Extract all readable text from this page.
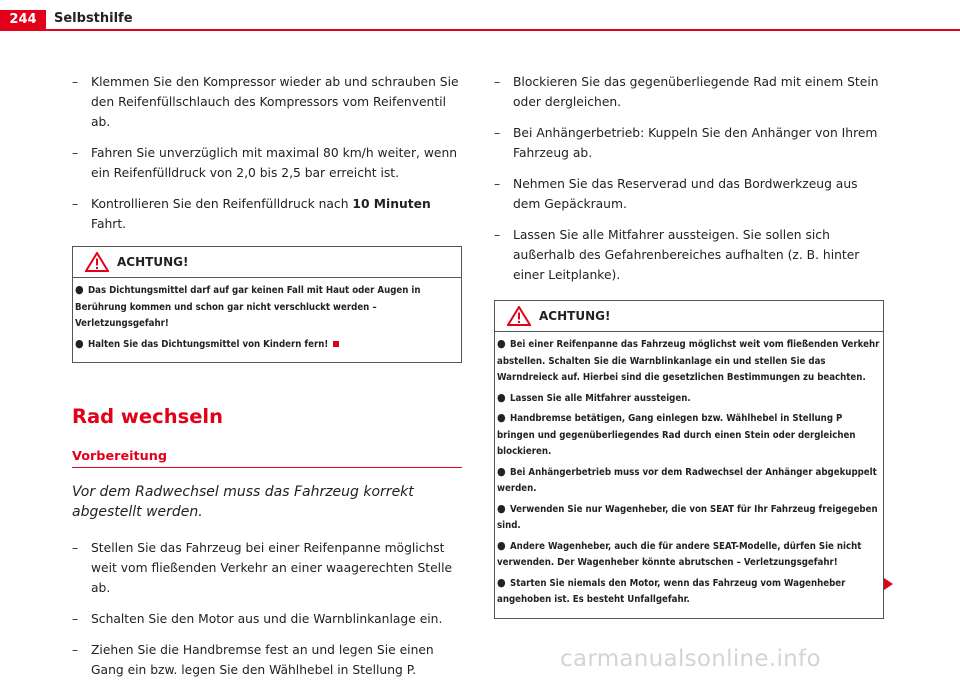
244	Selbsthilfe
– Klemmen Sie den Kompressor wieder ab und schrauben Sie den Reifenfüllschlauch des Kompressors vom Reifenventil ab.
– Fahren Sie unverzüglich mit maximal 80 km/h weiter, wenn ein Reifenfülldruck von 2,0 bis 2,5 bar erreicht ist.
– Kontrollieren Sie den Reifenfülldruck nach 10 Minuten Fahrt.
ACHTUNG!
● Das Dichtungsmittel darf auf gar keinen Fall mit Haut oder Augen in Berührung kommen und schon gar nicht verschluckt werden – Verletzungsgefahr!
● Halten Sie das Dichtungsmittel von Kindern fern!
Rad wechseln
Vorbereitung
Vor dem Radwechsel muss das Fahrzeug korrekt abgestellt werden.
– Stellen Sie das Fahrzeug bei einer Reifenpanne möglichst weit vom fließenden Verkehr an einer waagerechten Stelle ab.
– Schalten Sie den Motor aus und die Warnblinkanlage ein.
– Ziehen Sie die Handbremse fest an und legen Sie einen Gang ein bzw. legen Sie den Wählhebel in Stellung P.
– Blockieren Sie das gegenüberliegende Rad mit einem Stein oder dergleichen.
– Bei Anhängerbetrieb: Kuppeln Sie den Anhänger von Ihrem Fahrzeug ab.
– Nehmen Sie das Reserverad und das Bordwerkzeug aus dem Gepäckraum.
– Lassen Sie alle Mitfahrer aussteigen. Sie sollen sich außerhalb des Gefahrenbereiches aufhalten (z. B. hinter einer Leitplanke).
ACHTUNG!
● Bei einer Reifenpanne das Fahrzeug möglichst weit vom fließenden Verkehr abstellen. Schalten Sie die Warnblinkanlage ein und stellen Sie das Warndreieck auf. Hierbei sind die gesetzlichen Bestimmungen zu beachten.
● Lassen Sie alle Mitfahrer aussteigen.
● Handbremse betätigen, Gang einlegen bzw. Wählhebel in Stellung P bringen und gegenüberliegendes Rad durch einen Stein oder dergleichen blockieren.
● Bei Anhängerbetrieb muss vor dem Radwechsel der Anhänger abgekuppelt werden.
● Verwenden Sie nur Wagenheber, die von SEAT für Ihr Fahrzeug freigegeben sind.
● Andere Wagenheber, auch die für andere SEAT-Modelle, dürfen Sie nicht verwenden. Der Wagenheber könnte abrutschen – Verletzungsgefahr!
● Starten Sie niemals den Motor, wenn das Fahrzeug vom Wagenheber angehoben ist. Es besteht Unfallgefahr.
carmanualsonline.info
